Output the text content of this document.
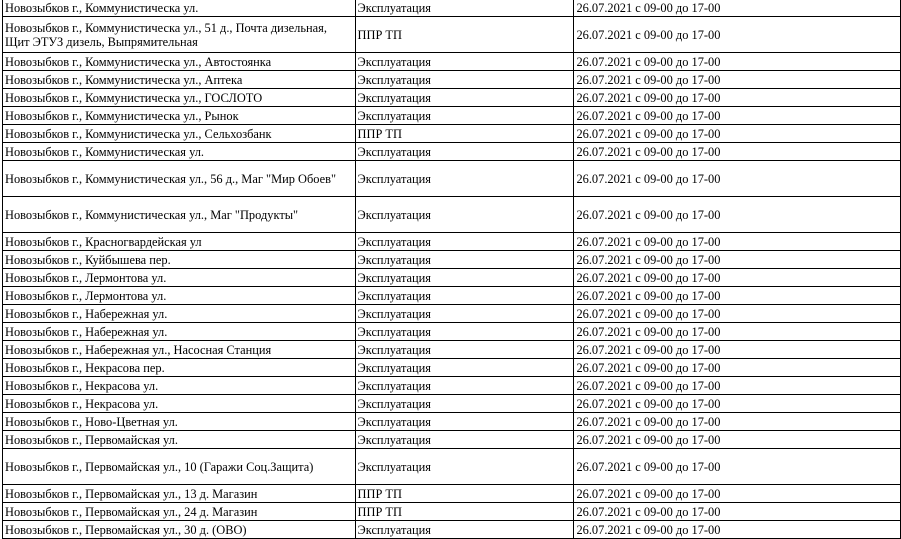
Новозыбков г., Коммунистическа ул.	Эксплуатация	26.07.2021 с 09-00 до 17-00
Новозыбков г., Коммунистическа ул., 51 д., Почта дизельная, Щит ЭТУЗ дизель, Выпрямительная	ППР ТП	26.07.2021 с 09-00 до 17-00
Новозыбков г., Коммунистическа ул., Автостоянка	Эксплуатация	26.07.2021 с 09-00 до 17-00
Новозыбков г., Коммунистическа ул., Аптека	Эксплуатация	26.07.2021 с 09-00 до 17-00
Новозыбков г., Коммунистическа ул., ГОСЛОТО	Эксплуатация	26.07.2021 с 09-00 до 17-00
Новозыбков г., Коммунистическа ул., Рынок	Эксплуатация	26.07.2021 с 09-00 до 17-00
Новозыбков г., Коммунистическа ул., Сельхозбанк	ППР ТП	26.07.2021 с 09-00 до 17-00
Новозыбков г., Коммунистическая ул.	Эксплуатация	26.07.2021 с 09-00 до 17-00
Новозыбков г., Коммунистическая ул., 56 д., Маг "Мир Обоев"	Эксплуатация	26.07.2021 с 09-00 до 17-00
Новозыбков г., Коммунистическая ул., Маг "Продукты"	Эксплуатация	26.07.2021 с 09-00 до 17-00
Новозыбков г., Красногвардейская ул	Эксплуатация	26.07.2021 с 09-00 до 17-00
Новозыбков г., Куйбышева пер.	Эксплуатация	26.07.2021 с 09-00 до 17-00
Новозыбков г., Лермонтова ул.	Эксплуатация	26.07.2021 с 09-00 до 17-00
Новозыбков г., Лермонтова ул.	Эксплуатация	26.07.2021 с 09-00 до 17-00
Новозыбков г., Набережная ул.	Эксплуатация	26.07.2021 с 09-00 до 17-00
Новозыбков г., Набережная ул.	Эксплуатация	26.07.2021 с 09-00 до 17-00
Новозыбков г., Набережная ул., Насосная Станция	Эксплуатация	26.07.2021 с 09-00 до 17-00
Новозыбков г., Некрасова пер.	Эксплуатация	26.07.2021 с 09-00 до 17-00
Новозыбков г., Некрасова ул.	Эксплуатация	26.07.2021 с 09-00 до 17-00
Новозыбков г., Некрасова ул.	Эксплуатация	26.07.2021 с 09-00 до 17-00
Новозыбков г., Ново-Цветная ул.	Эксплуатация	26.07.2021 с 09-00 до 17-00
Новозыбков г., Первомайская ул.	Эксплуатация	26.07.2021 с 09-00 до 17-00
Новозыбков г., Первомайская ул., 10 (Гаражи Соц.Защита)	Эксплуатация	26.07.2021 с 09-00 до 17-00
Новозыбков г., Первомайская ул., 13 д. Магазин	ППР ТП	26.07.2021 с 09-00 до 17-00
Новозыбков г., Первомайская ул., 24 д. Магазин	ППР ТП	26.07.2021 с 09-00 до 17-00
Новозыбков г., Первомайская ул., 30 д. (ОВО)	Эксплуатация	26.07.2021 с 09-00 до 17-00
